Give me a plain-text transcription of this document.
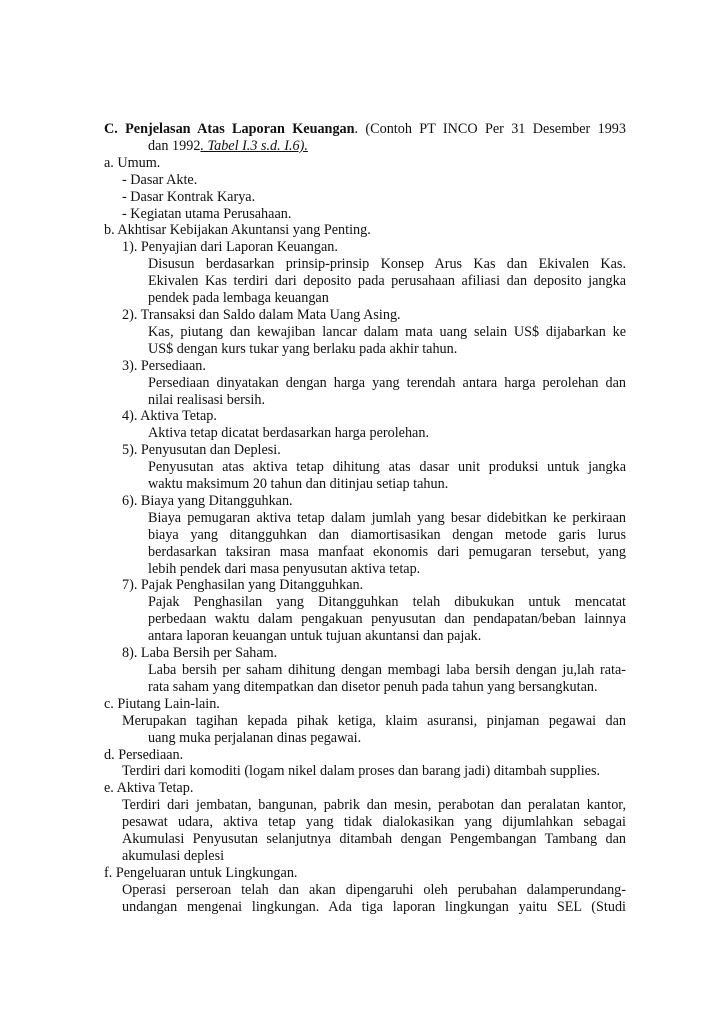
C. Penjelasan Atas Laporan Keuangan. (Contoh PT INCO Per 31 Desember 1993
dan 1992. Tabel I.3 s.d. I.6).
a. Umum.
- Dasar Akte.
- Dasar Kontrak Karya.
- Kegiatan utama Perusahaan.
b. Akhtisar Kebijakan Akuntansi yang Penting.
1). Penyajian dari Laporan Keuangan.
Disusun berdasarkan prinsip-prinsip Konsep Arus Kas dan Ekivalen Kas.
Ekivalen Kas terdiri dari deposito pada perusahaan afiliasi dan deposito jangka
pendek pada lembaga keuangan
2). Transaksi dan Saldo dalam Mata Uang Asing.
Kas, piutang dan kewajiban lancar dalam mata uang selain US$ dijabarkan ke
US$ dengan kurs tukar yang berlaku pada akhir tahun.
3). Persediaan.
Persediaan dinyatakan dengan harga yang terendah antara harga perolehan dan
nilai realisasi bersih.
4). Aktiva Tetap.
Aktiva tetap dicatat berdasarkan harga perolehan.
5). Penyusutan dan Deplesi.
Penyusutan atas aktiva tetap dihitung atas dasar unit produksi untuk jangka
waktu maksimum 20 tahun dan ditinjau setiap tahun.
6). Biaya yang Ditangguhkan.
Biaya pemugaran aktiva tetap dalam jumlah yang besar didebitkan ke perkiraan
biaya yang ditangguhkan dan diamortisasikan dengan metode garis lurus
berdasarkan taksiran masa manfaat ekonomis dari pemugaran tersebut, yang
lebih pendek dari masa penyusutan aktiva tetap.
7). Pajak Penghasilan yang Ditangguhkan.
Pajak Penghasilan yang Ditangguhkan telah dibukukan untuk mencatat
perbedaan waktu dalam pengakuan penyusutan dan pendapatan/beban lainnya
antara laporan keuangan untuk tujuan akuntansi dan pajak.
8). Laba Bersih per Saham.
Laba bersih per saham dihitung dengan membagi laba bersih dengan ju,lah rata-
rata saham yang ditempatkan dan disetor penuh pada tahun yang bersangkutan.
c. Piutang Lain-lain.
Merupakan tagihan kepada pihak ketiga, klaim asuransi, pinjaman pegawai dan
uang muka perjalanan dinas pegawai.
d. Persediaan.
Terdiri dari komoditi (logam nikel dalam proses dan barang jadi) ditambah supplies.
e. Aktiva Tetap.
Terdiri dari jembatan, bangunan, pabrik dan mesin, perabotan dan peralatan kantor,
pesawat udara, aktiva tetap yang tidak dialokasikan yang dijumlahkan sebagai
Akumulasi Penyusutan selanjutnya ditambah dengan Pengembangan Tambang dan
akumulasi deplesi
f. Pengeluaran untuk Lingkungan.
Operasi perseroan telah dan akan dipengaruhi oleh perubahan dalamperundang-
undangan mengenai lingkungan. Ada tiga laporan lingkungan yaitu SEL (Studi
